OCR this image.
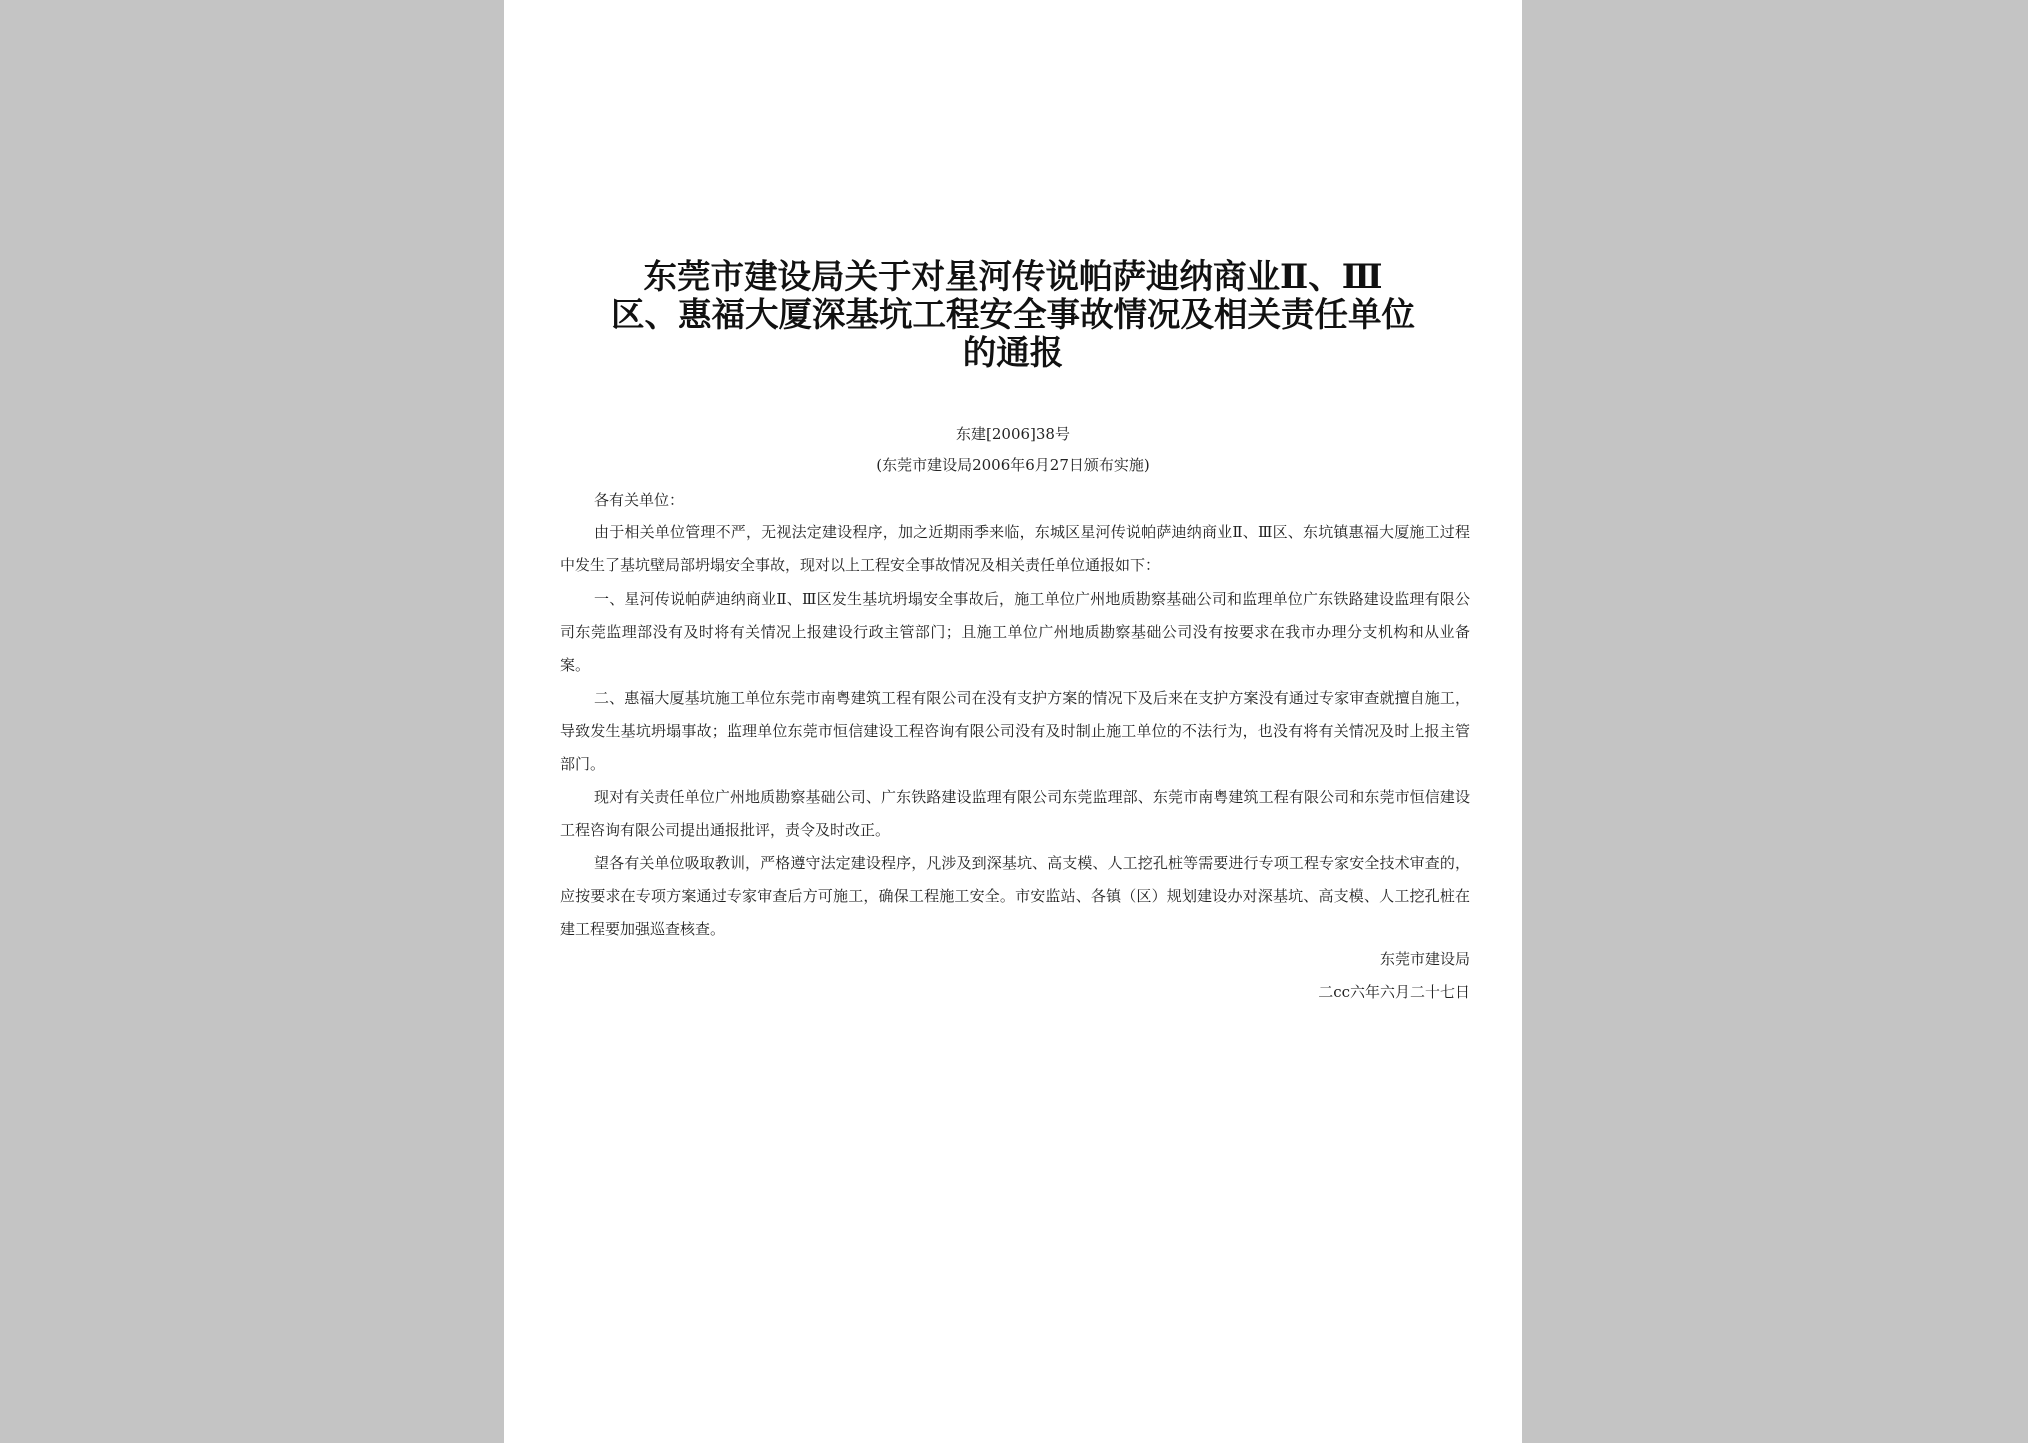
东莞市建设局关于对星河传说帕萨迪纳商业Ⅱ、Ⅲ
区、惠福大厦深基坑工程安全事故情况及相关责任单位
的通报
东建[2006]38号
(东莞市建设局2006年6月27日颁布实施)
各有关单位：
由于相关单位管理不严，无视法定建设程序，加之近期雨季来临，东城区星河传说帕萨迪纳商业Ⅱ、Ⅲ区、东坑镇惠福大厦施工过程中发生了基坑壁局部坍塌安全事故，现对以上工程安全事故情况及相关责任单位通报如下：
一、星河传说帕萨迪纳商业Ⅱ、Ⅲ区发生基坑坍塌安全事故后，施工单位广州地质勘察基础公司和监理单位广东铁路建设监理有限公司东莞监理部没有及时将有关情况上报建设行政主管部门；且施工单位广州地质勘察基础公司没有按要求在我市办理分支机构和从业备案。
二、惠福大厦基坑施工单位东莞市南粤建筑工程有限公司在没有支护方案的情况下及后来在支护方案没有通过专家审查就擅自施工，导致发生基坑坍塌事故；监理单位东莞市恒信建设工程咨询有限公司没有及时制止施工单位的不法行为，也没有将有关情况及时上报主管部门。
现对有关责任单位广州地质勘察基础公司、广东铁路建设监理有限公司东莞监理部、东莞市南粤建筑工程有限公司和东莞市恒信建设工程咨询有限公司提出通报批评，责令及时改正。
望各有关单位吸取教训，严格遵守法定建设程序，凡涉及到深基坑、高支模、人工挖孔桩等需要进行专项工程专家安全技术审查的，应按要求在专项方案通过专家审查后方可施工，确保工程施工安全。市安监站、各镇（区）规划建设办对深基坑、高支模、人工挖孔桩在建工程要加强巡查核查。
东莞市建设局
二cc六年六月二十七日
